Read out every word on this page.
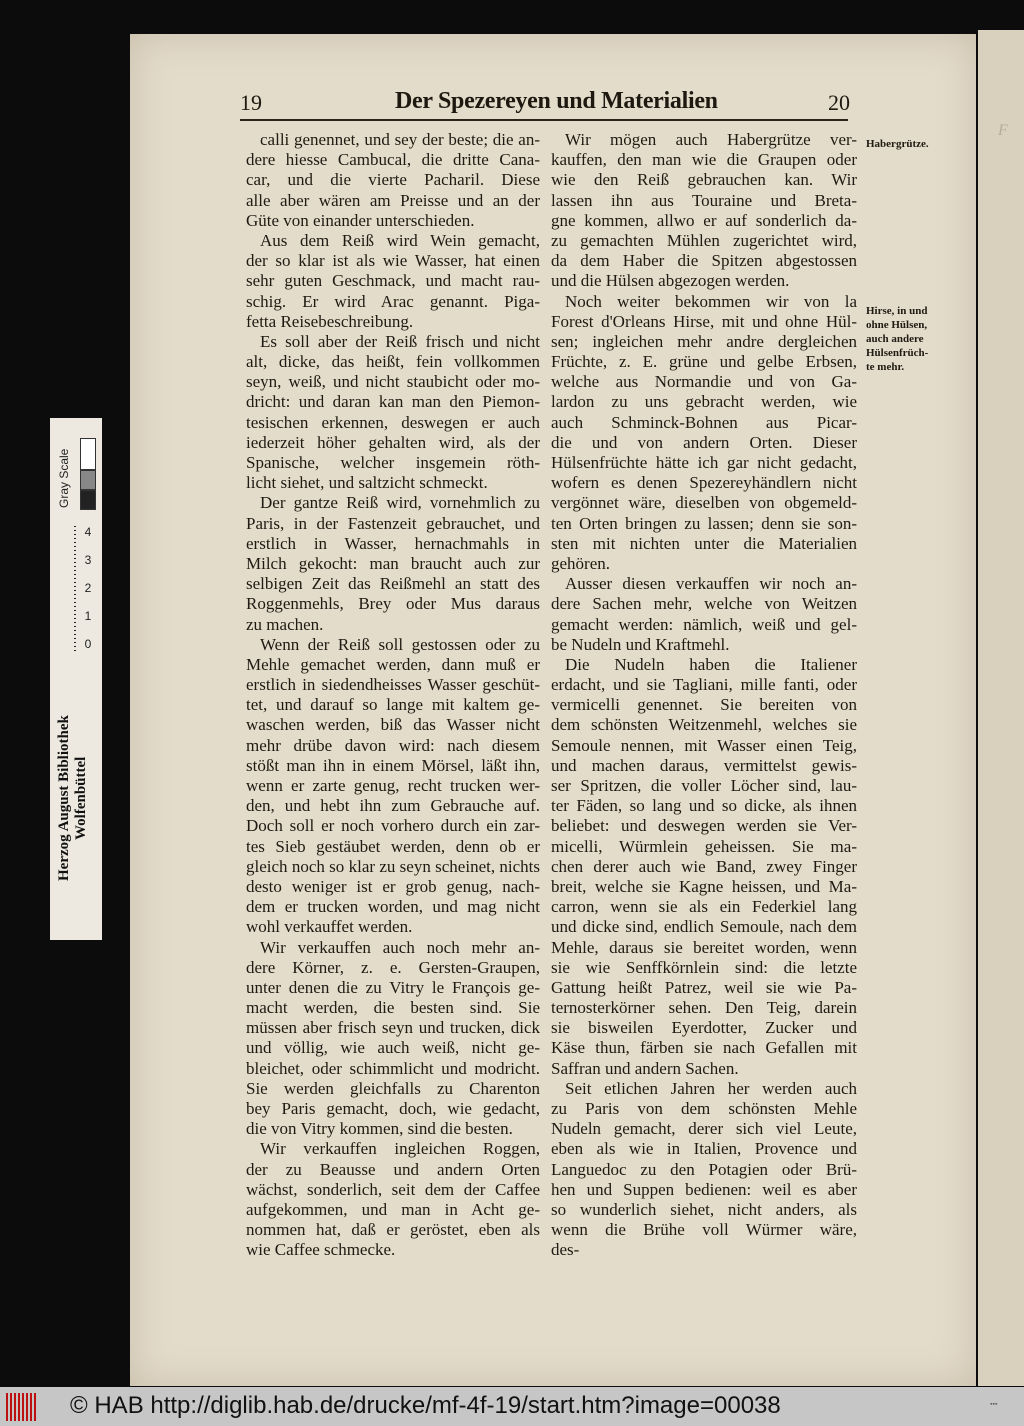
F
19	Der Spezereyen und Materialien	20
calli genennet, und sey der beste; die an-
dere hiesse Cambucal, die dritte Cana-
car, und die vierte Pacharil. Diese
alle aber wären am Preisse und an der
Güte von einander unterschieden.
Aus dem Reiß wird Wein gemacht,
der so klar ist als wie Wasser, hat einen
sehr guten Geschmack, und macht rau-
schig. Er wird Arac genannt. Piga-
fetta Reisebeschreibung.
Es soll aber der Reiß frisch und nicht
alt, dicke, das heißt, fein vollkommen
seyn, weiß, und nicht staubicht oder mo-
dricht: und daran kan man den Piemon-
tesischen erkennen, deswegen er auch
iederzeit höher gehalten wird, als der
Spanische, welcher insgemein röth-
licht siehet, und saltzicht schmeckt.
Der gantze Reiß wird, vornehmlich zu
Paris, in der Fastenzeit gebrauchet, und
erstlich in Wasser, hernachmahls in
Milch gekocht: man braucht auch zur
selbigen Zeit das Reißmehl an statt des
Roggenmehls, Brey oder Mus daraus
zu machen.
Wenn der Reiß soll gestossen oder zu
Mehle gemachet werden, dann muß er
erstlich in siedendheisses Wasser geschüt-
tet, und darauf so lange mit kaltem ge-
waschen werden, biß das Wasser nicht
mehr drübe davon wird: nach diesem
stößt man ihn in einem Mörsel, läßt ihn,
wenn er zarte genug, recht trucken wer-
den, und hebt ihn zum Gebrauche auf.
Doch soll er noch vorhero durch ein zar-
tes Sieb gestäubet werden, denn ob er
gleich noch so klar zu seyn scheinet, nichts
desto weniger ist er grob genug, nach-
dem er trucken worden, und mag nicht
wohl verkauffet werden.
Wir verkauffen auch noch mehr an-
dere Körner, z. e. Gersten-Graupen,
unter denen die zu Vitry le François ge-
macht werden, die besten sind. Sie
müssen aber frisch seyn und trucken, dick
und völlig, wie auch weiß, nicht ge-
bleichet, oder schimmlicht und modricht.
Sie werden gleichfalls zu Charenton
bey Paris gemacht, doch, wie gedacht,
die von Vitry kommen, sind die besten.
Wir verkauffen ingleichen Roggen,
der zu Beausse und andern Orten
wächst, sonderlich, seit dem der Caffee
aufgekommen, und man in Acht ge-
nommen hat, daß er geröstet, eben als
wie Caffee schmecke.
Wir mögen auch Habergrütze ver-
kauffen, den man wie die Graupen oder
wie den Reiß gebrauchen kan. Wir
lassen ihn aus Touraine und Breta-
gne kommen, allwo er auf sonderlich da-
zu gemachten Mühlen zugerichtet wird,
da dem Haber die Spitzen abgestossen
und die Hülsen abgezogen werden.
Noch weiter bekommen wir von la
Forest d'Orleans Hirse, mit und ohne Hül-
sen; ingleichen mehr andre dergleichen
Früchte, z. E. grüne und gelbe Erbsen,
welche aus Normandie und von Ga-
lardon zu uns gebracht werden, wie
auch Schminck-Bohnen aus Picar-
die und von andern Orten. Dieser
Hülsenfrüchte hätte ich gar nicht gedacht,
wofern es denen Spezereyhändlern nicht
vergönnet wäre, dieselben von obgemeld-
ten Orten bringen zu lassen; denn sie son-
sten mit nichten unter die Materialien
gehören.
Ausser diesen verkauffen wir noch an-
dere Sachen mehr, welche von Weitzen
gemacht werden: nämlich, weiß und gel-
be Nudeln und Kraftmehl.
Die Nudeln haben die Italiener
erdacht, und sie Tagliani, mille fanti, oder
vermicelli genennet. Sie bereiten von
dem schönsten Weitzenmehl, welches sie
Semoule nennen, mit Wasser einen Teig,
und machen daraus, vermittelst gewis-
ser Spritzen, die voller Löcher sind, lau-
ter Fäden, so lang und so dicke, als ihnen
beliebet: und deswegen werden sie Ver-
micelli, Würmlein geheissen. Sie ma-
chen derer auch wie Band, zwey Finger
breit, welche sie Kagne heissen, und Ma-
carron, wenn sie als ein Federkiel lang
und dicke sind, endlich Semoule, nach dem
Mehle, daraus sie bereitet worden, wenn
sie wie Senffkörnlein sind: die letzte
Gattung heißt Patrez, weil sie wie Pa-
ternosterkörner sehen. Den Teig, darein
sie bisweilen Eyerdotter, Zucker und
Käse thun, färben sie nach Gefallen mit
Saffran und andern Sachen.
Seit etlichen Jahren her werden auch
zu Paris von dem schönsten Mehle
Nudeln gemacht, derer sich viel Leute,
eben als wie in Italien, Provence und
Languedoc zu den Potagien oder Brü-
hen und Suppen bedienen: weil es aber
so wunderlich siehet, nicht anders, als
wenn die Brühe voll Würmer wäre,
des-
Habergrütze.
Hirse, in und
ohne Hülsen,
auch andere
Hülsenfrüch-
te mehr.
Gray Scale
0
1
2
3
4
Herzog August Bibliothek Wolfenbüttel
© HAB http://diglib.hab.de/drucke/mf-4f-19/start.htm?image=00038	▪▪▪
